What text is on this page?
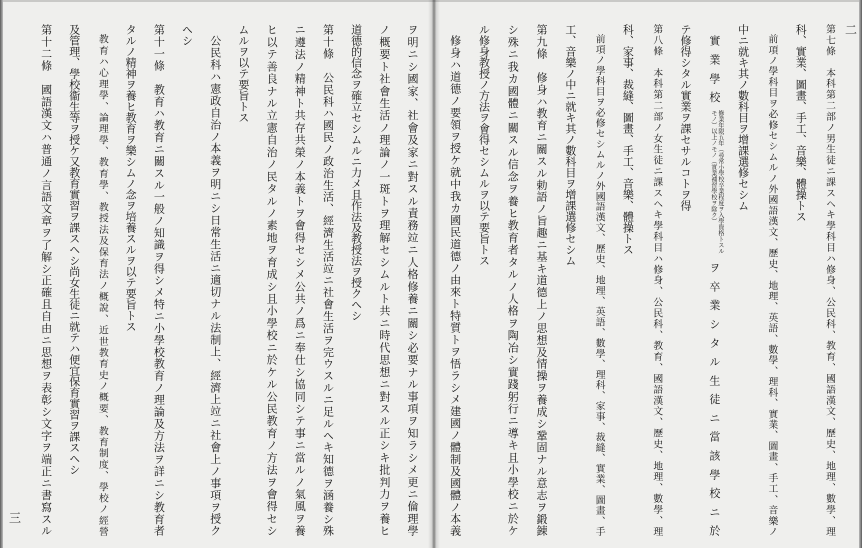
二
三	第七條　本科第二部ノ男生徒ニ課スヘキ學科目ハ修身、公民科、教育、國語漢文、歷史、地理、數學、理
科、實業、圖畫、手工、音樂、體操トス
前項ノ學科目ヲ必修セシムルノ外國語漢文、歷史、地理、英語、數學、理科、實業、圖畫、手工、音樂ノ
中ニ就キ其ノ數科目ヲ增課選修セシム
實業學校
修業年限五年（尋常小學校卒業程度ヲ入學資格トスル
モノ）以上ノモノ（實業補習學校ヲ除ク）
ヲ卒業シタル生徒ニ當該學校ニ於
テ修得シタル實業ヲ課セサルコトヲ得
第八條　本科第二部ノ女生徒ニ課スヘキ學科目ハ修身、公民科、教育、國語漢文、歷史、地理、數學、理
科、家事、裁縫、圖畫、手工、音樂、體操トス
前項ノ學科目ヲ必修セシムルノ外國語漢文、歷史、地理、英語、數學、理科、家事、裁縫、實業、圖畫、手
工、音樂ノ中ニ就キ其ノ數科目ヲ增課選修セシム
第九條　修身ハ教育ニ關スル勅語ノ旨趣ニ基キ道德上ノ思想及情操ヲ養成シ鞏固ナル意志ヲ鍛錬
シ殊ニ我カ國體ニ關スル信念ヲ養ヒ教育者タルノ人格ヲ陶冶シ實踐躬行ニ導キ且小學校ニ於ケ
ル修身教授ノ方法ヲ會得セシムルヲ以テ要旨トス
修身ハ道德ノ要領ヲ授ケ就中我カ國民道德ノ由來ト特質トヲ悟ラシメ建國ノ體制及國體ノ本義
ヲ明ニシ國家、社會及家ニ對スル責務竝ニ人格修養ニ關シ必要ナル事項ヲ知ラシメ更ニ倫理學
ノ概要ト社會生活ノ理論ノ一斑トヲ理解セシムルト共ニ時代思想ニ對スル正シキ批判力ヲ養ヒ
道德的信念ヲ確立セシムルニ力メ且作法及教授法ヲ授クヘシ
第十條　公民科ハ國民ノ政治生活、經濟生活竝ニ社會生活ヲ完ウスルニ足ルヘキ知德ヲ涵養シ殊
ニ遵法ノ精神ト共存共榮ノ本義トヲ會得セシメ公共ノ爲ニ奉仕シ協同シテ事ニ當ルノ氣風ヲ養
ヒ以テ善良ナル立憲自治ノ民タルノ素地ヲ育成シ且小學校ニ於ケル公民教育ノ方法ヲ會得セシ
ムルヲ以テ要旨トス
公民科ハ憲政自治ノ本義ヲ明ニシ日常生活ニ適切ナル法制上、經濟上竝ニ社會上ノ事項ヲ授ク
ヘシ
第十一條　教育ハ教育ニ關スル一般ノ知識ヲ得シメ特ニ小學校教育ノ理論及方法ヲ詳ニシ教育者
タルノ精神ヲ養ヒ教育ヲ樂シムノ念ヲ培養スルヲ以テ要旨トス
教育ハ心理學、論理學、教育學、教授法及保育法ノ概說、近世教育史ノ概要、教育制度、學校ノ經營
及管理、學校衞生等ヲ授ケ又教育實習ヲ課スヘシ尚女生徒ニ就テハ便宜保育實習ヲ課スヘシ
第十二條　國語漢文ハ普通ノ言語文章ヲ了解シ正確且自由ニ思想ヲ表彰シ文字ヲ端正ニ書寫スル
